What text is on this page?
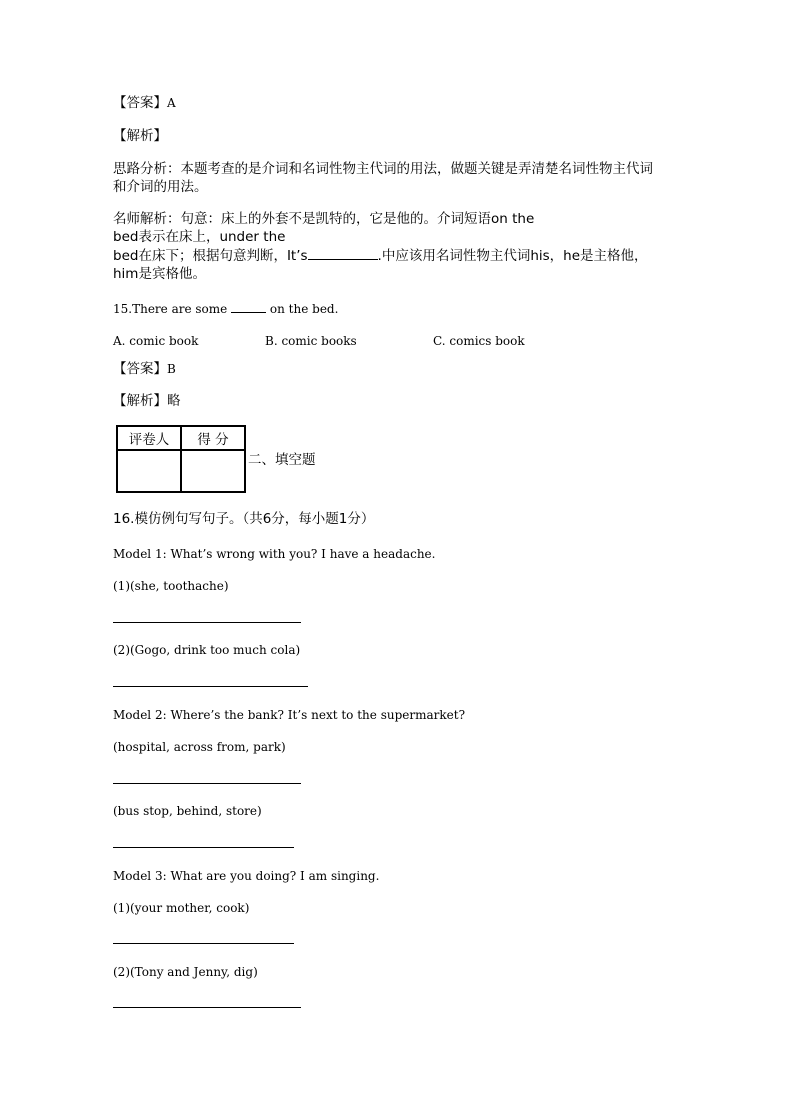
【答案】A
【解析】
思路分析：本题考查的是介词和名词性物主代词的用法，做题关键是弄清楚名词性物主代词
和介词的用法。
名师解析：句意：床上的外套不是凯特的，它是他的。介词短语on the
bed表示在床上，under the
bed在床下；根据句意判断，It’s	.中应该用名词性物主代词his，he是主格他，
him是宾格他。
15.There are some	on the bed.
A. comic book	B. comic books	C. comics book
【答案】B
【解析】略
评卷人	得 分

二、填空题
16.模仿例句写句子。（共6分，每小题1分）
Model 1: What’s wrong with you? I have a headache.
(1)(she, toothache)
(2)(Gogo, drink too much cola)
Model 2: Where’s the bank? It’s next to the supermarket?
(hospital, across from, park)
(bus stop, behind, store)
Model 3: What are you doing? I am singing.
(1)(your mother, cook)
(2)(Tony and Jenny, dig)
